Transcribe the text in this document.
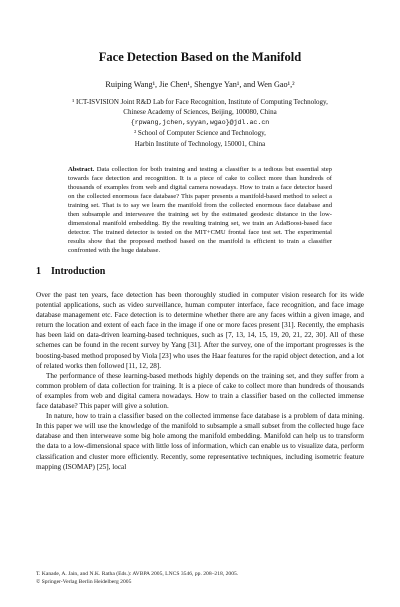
Face Detection Based on the Manifold
Ruiping Wang¹, Jie Chen¹, Shengye Yan¹, and Wen Gao¹,²
¹ ICT-ISVISION Joint R&D Lab for Face Recognition, Institute of Computing Technology,
Chinese Academy of Sciences, Beijing, 100080, China
{rpwang,jchen,syyan,wgao}@jdl.ac.cn
² School of Computer Science and Technology,
Harbin Institute of Technology, 150001, China
Abstract. Data collection for both training and testing a classifier is a tedious but essential step towards face detection and recognition. It is a piece of cake to collect more than hundreds of thousands of examples from web and digital camera nowadays. How to train a face detector based on the collected enormous face database? This paper presents a manifold-based method to select a training set. That is to say we learn the manifold from the collected enormous face database and then subsample and interweave the training set by the estimated geodesic distance in the low-dimensional manifold embedding. By the resulting training set, we train an AdaBoost-based face detector. The trained detector is tested on the MIT+CMU frontal face test set. The experimental results show that the proposed method based on the manifold is efficient to train a classifier confronted with the huge database.
1 Introduction

Over the past ten years, face detection has been thoroughly studied in computer vision research for its wide potential applications, such as video surveillance, human computer interface, face recognition, and face image database management etc. Face detection is to determine whether there are any faces within a given image, and return the location and extent of each face in the image if one or more faces present [31]. Recently, the emphasis has been laid on data-driven learning-based techniques, such as [7, 13, 14, 15, 19, 20, 21, 22, 30]. All of these schemes can be found in the recent survey by Yang [31]. After the survey, one of the important progresses is the boosting-based method proposed by Viola [23] who uses the Haar features for the rapid object detection, and a lot of related works then followed [11, 12, 28].

The performance of these learning-based methods highly depends on the training set, and they suffer from a common problem of data collection for training. It is a piece of cake to collect more than hundreds of thousands of examples from web and digital camera nowadays. How to train a classifier based on the collected immense face database? This paper will give a solution.

In nature, how to train a classifier based on the collected immense face database is a problem of data mining. In this paper we will use the knowledge of the manifold to subsample a small subset from the collected huge face database and then interweave some big hole among the manifold embedding. Manifold can help us to transform the data to a low-dimensional space with little loss of information, which can enable us to visualize data, perform classification and cluster more efficiently. Recently, some representative techniques, including isometric feature mapping (ISOMAP) [25], local

T. Kanade, A. Jain, and N.K. Ratha (Eds.): AVBPA 2005, LNCS 3546, pp. 208–218, 2005.
© Springer-Verlag Berlin Heidelberg 2005
